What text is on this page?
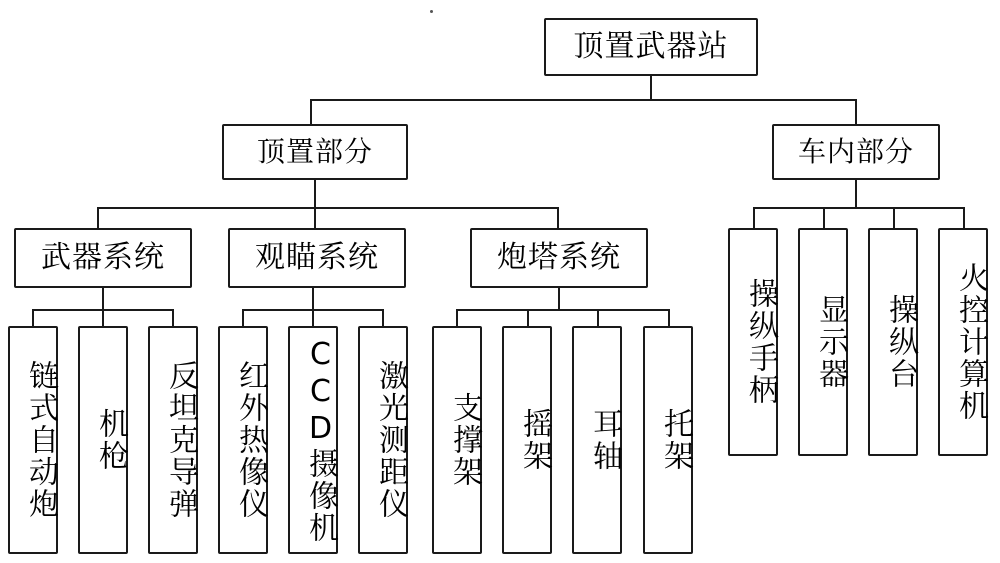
顶置武器站
顶置部分	车内部分
武器系统	观瞄系统	炮塔系统
链式自动炮	机枪	反坦克导弹	红外热像仪	CCD摄像机	激光测距仪	支撑架	摇架	耳轴	托架
操纵手柄	显示器	操纵台	火控计算机
